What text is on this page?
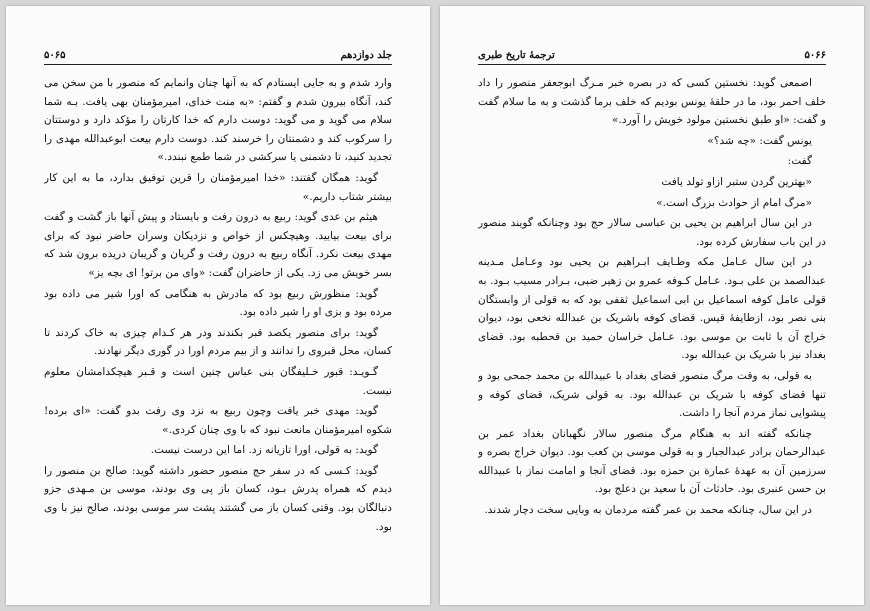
۵۰۶۵	جلد دوازدهم

وارد شدم و به جایی ایستادم که به آنها چنان وانمایم که منصور با من سخن می کند، آنگاه بیرون شدم و گفتم: «به منت خدای، امیرمؤمنان بهی یافت. بـه شما سلام می گوید و می گوید: دوست دارم که خدا کارتان را مؤکد دارد و دوستتان را سرکوب کند و دشمنتان را خرسند کند. دوست دارم بیعت ابوعبدالله مهدی را تجدید کنید، تا دشمنی یا سرکشی در شما طمع نبندد.»

گوید: همگان گفتند: «خدا امیرمؤمنان را قرین توفیق بدارد، ما به این کار بیشتر شتاب داریم.»

هیثم بن عدی گوید: ربیع به درون رفت و بایستاد و پیش آنها باز گشت و گفت برای بیعت بیایید. وهیچکس از خواص و نزدیکان وسران حاضر نبود که برای مهدی بیعت نکرد. آنگاه ربیع به درون رفت و گریان و گریبان دریده برون شد که بسر خویش می زد. یکی از حاضران گفت: «وای من برتو! ای بچه یز»

گوید: منظورش ربیع بود که مادرش به هنگامی که اورا شیر می داده بود مرده بود و بزی او را شیر داده بود.

گوید: برای منصور یکصد قبر بکندند ودر هر کـدام چیزی به خاک کردند تا کسان، محل قبروی را ندانند و از بیم مردم اورا در گوری دیگر نهادند.

گـویـد: قبور خـلیفگان بنی عباس چنین است و قـبر هیچکدامشان معلوم نیست.

گوید: مهدی خبر یافت وچون ربیع به نزد وی رفت بدو گفت: «ای برده! شکوه امیرمؤمنان مانعت نبود که با وی چنان کردی.»

گوید: به قولی، اورا تازیانه زد. اما این درست نیست.

گوید: کـسی که در سفر حج منصور حضور داشته گوید: صالح بن منصور را دیدم که همراه پدرش بـود، کسان باز پی وی بودند، موسی بن مـهدی جزو دنبالگان بود. وقتی کسان باز می گشتند پشت سر موسی بودند، صالح نیز با وی بود.

۵۰۶۶
ترجمهٔ تاریخ طبری

اصمعی گوید: نخستین کسی که در بصره خبر مـرگ ابوجعفر منصور را داد خلف احمر بود، ما در حلقهٔ یونس بودیم که خلف برما گذشت و به ما سلام گفت و گفت: «او طبق نخستین مولود خویش را آورد.»

یونس گفت: «چه شد؟»

گفت:

«بهترین گردن ستبر ازاو تولد یافت

«مرگ امام از حوادث بزرگ است.»

در این سال ابراهیم بن یحیی بن عباسی سالار حج بود وچنانکه گویند منصور در این باب سفارش کرده بود.

در این سال عـامل مکه وطـایف ابـراهیم بن یحیی بود وعـامل مـدینه عبدالصمد بن علی بـود. عـامل کـوفه عمرو بن زهیر ضبی، بـرادر مسیب بـود. به قولی عامل کوفه اسماعیل بن ابی اسماعیل ثقفی بود که به قولی از وابستگان بنی نصر بود، ازطایفهٔ قیس. قضای کوفه باشریک بن عبدالله نخعی بود، دیوان خراج آن با ثابت بن موسی بود. عـامل خراسان حمید بن قحطبه بود. قضای بغداد نیز با شریک بن عبدالله بود.

به قولی، به وقت مرگ منصور قضای بغداد با عبیدالله بن محمد جمحی بود و تنها قضای کوفه با شریک بن عبدالله بود. به قولی شریک، قضای کوفه و پیشوایی نماز مردم آنجا را داشت.

چنانکه گفته اند به هنگام مرگ منصور سالار نگهبانان بغداد عمر بن عبدالرحمان برادر عبدالجبار و به قولی موسی بن کعب بود. دیوان خراج بصره و سرزمین آن به عهدهٔ عمارة بن حمزه بود. قضای آنجا و امامت نماز با عبیدالله بن حسن عنبری بود. حادثات آن با سعید بن دعلج بود.

در این سال، چنانکه محمد بن عمر گفته مردمان به وبایی سخت دچار شدند.
